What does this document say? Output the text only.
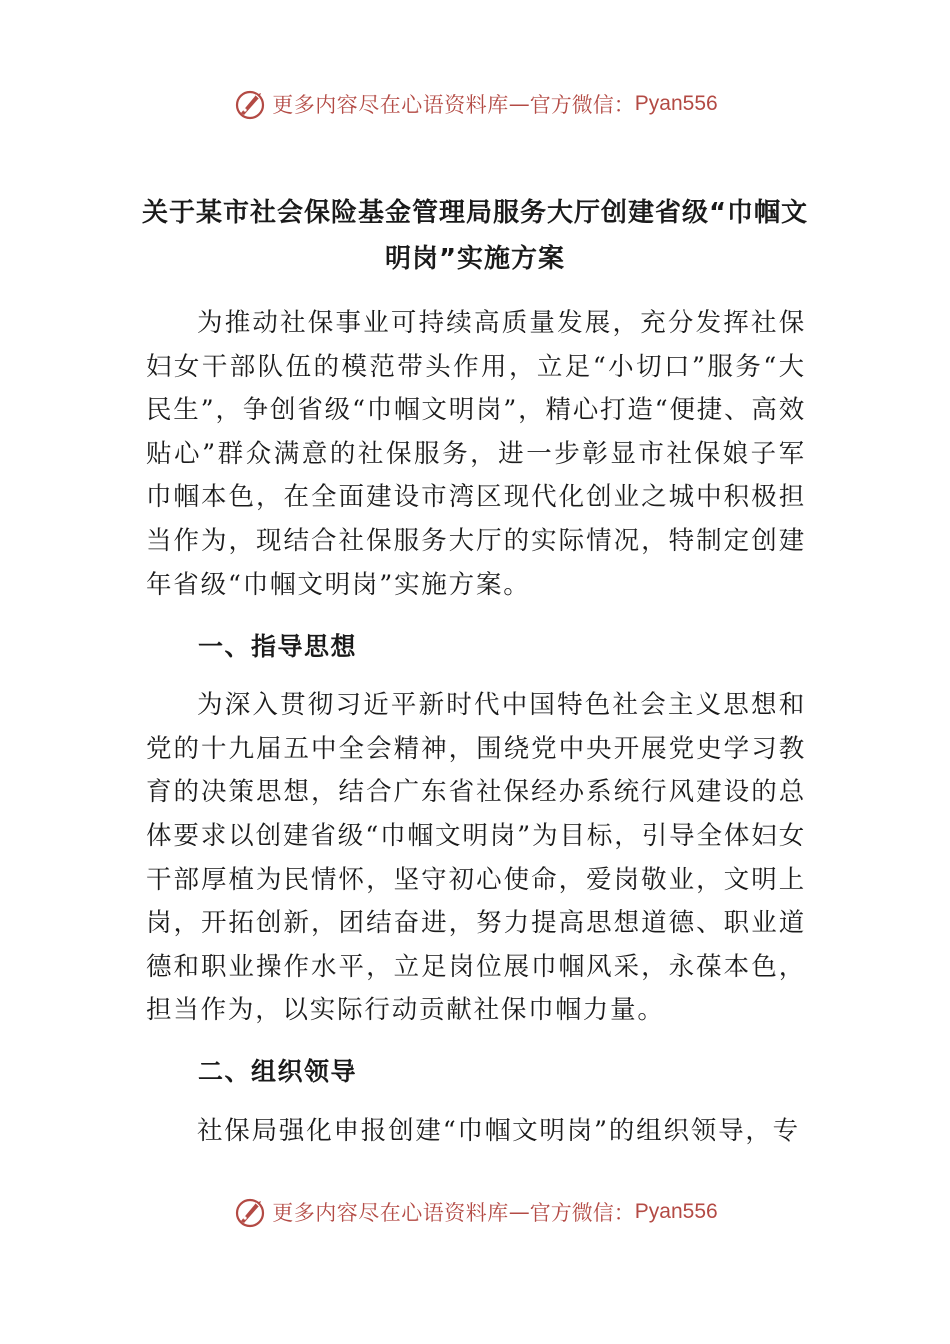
更多内容尽在心语资料库 — 官方微信： Pyan556
关于某市社会保险基金管理局服务大厅创建省级“巾帼文
明岗”实施方案

为推动社保事业可持续高质量发展，充分发挥社保妇女干部队伍的模范带头作用，立足“小切口”服务“大民生”，争创省级“巾帼文明岗”，精心打造“便捷、高效贴心”群众满意的社保服务，进一步彰显市社保娘子军巾帼本色，在全面建设市湾区现代化创业之城中积极担当作为，现结合社保服务大厅的实际情况，特制定创建年省级“巾帼文明岗”实施方案。

一、指导思想

为深入贯彻习近平新时代中国特色社会主义思想和党的十九届五中全会精神，围绕党中央开展党史学习教育的决策思想，结合广东省社保经办系统行风建设的总体要求以创建省级“巾帼文明岗”为目标，引导全体妇女干部厚植为民情怀，坚守初心使命，爱岗敬业，文明上岗，开拓创新，团结奋进，努力提高思想道德、职业道德和职业操作水平，立足岗位展巾帼风采，永葆本色，担当作为，以实际行动贡献社保巾帼力量。

二、组织领导

社保局强化申报创建“巾帼文明岗”的组织领导，专

更多内容尽在心语资料库 — 官方微信： Pyan556
